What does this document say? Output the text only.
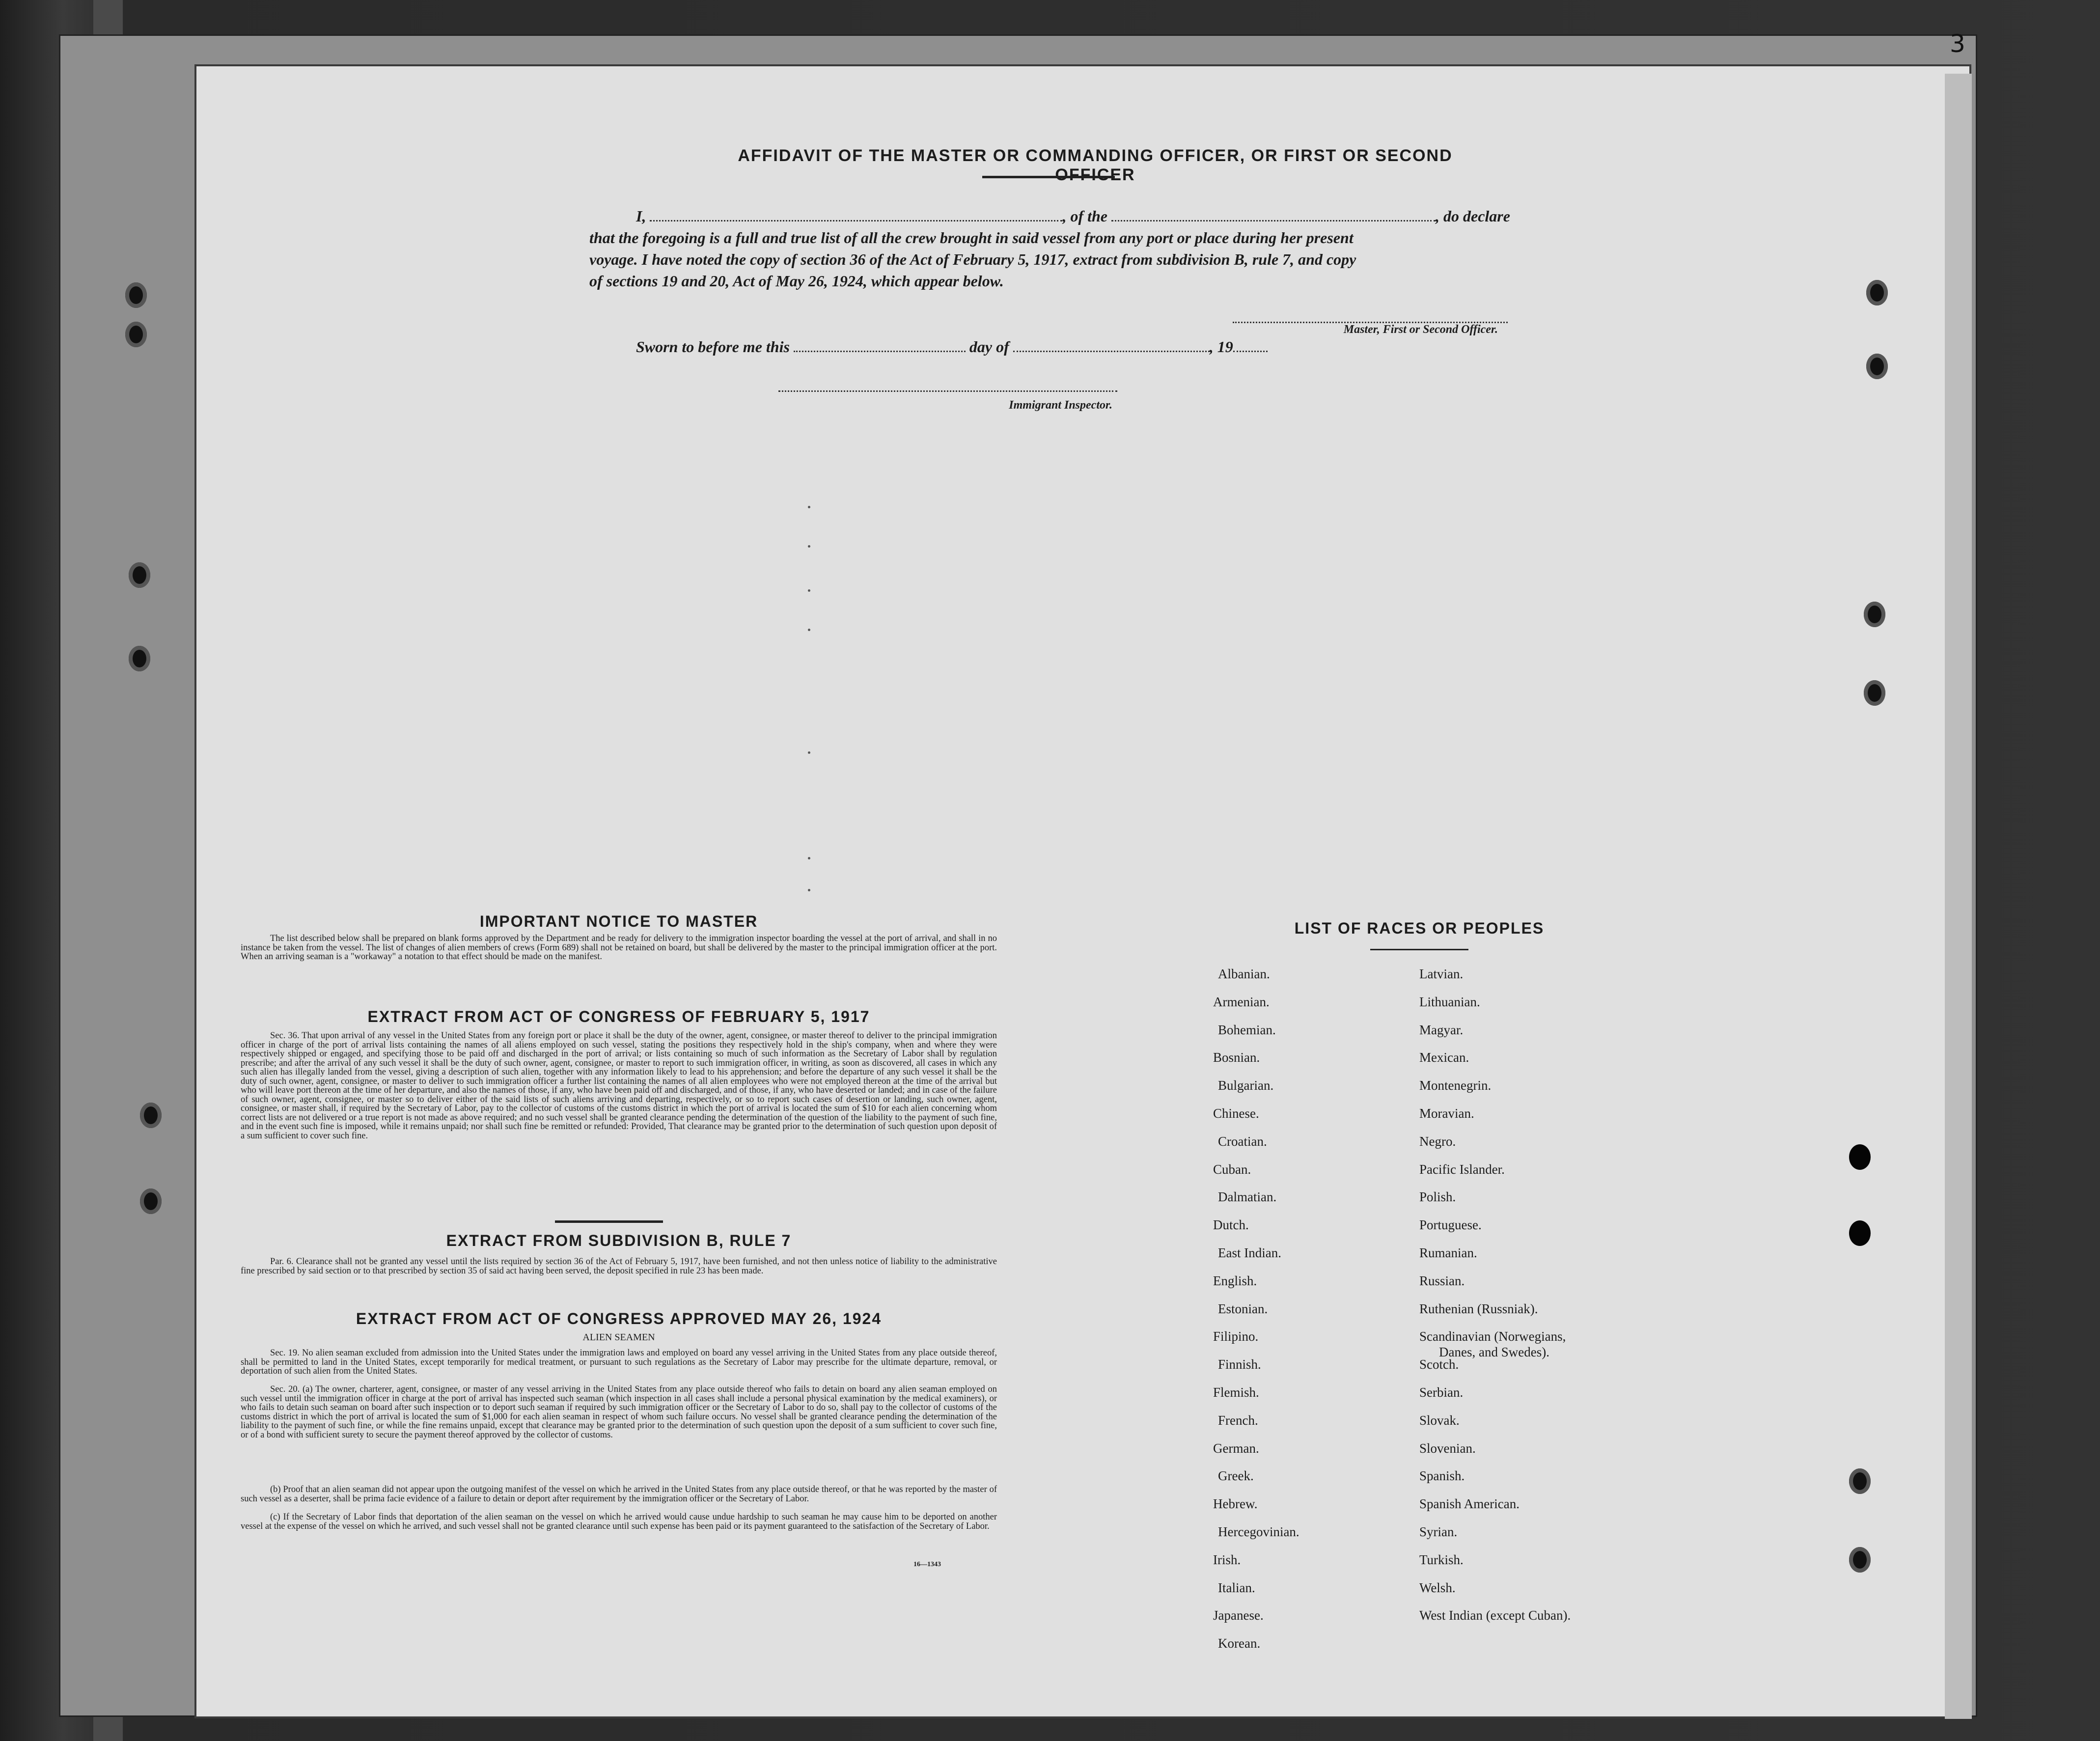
3
AFFIDAVIT OF THE MASTER OR COMMANDING OFFICER, OR FIRST OR SECOND OFFICER
I,	, of the	, do declare
that the foregoing is a full and true list of all the crew brought in said vessel from any port or place during her present
voyage. I have noted the copy of section 36 of the Act of February 5, 1917, extract from subdivision B, rule 7, and copy
of sections 19 and 20, Act of May 26, 1924, which appear below.
Master, First or Second Officer.
Sworn to before me this	day of	, 19
Immigrant Inspector.
IMPORTANT NOTICE TO MASTER
The list described below shall be prepared on blank forms approved by the Department and be ready for delivery to the immigration inspector boarding the vessel at the port of arrival, and shall in no instance be taken from the vessel. The list of changes of alien members of crews (Form 689) shall not be retained on board, but shall be delivered by the master to the principal immigration officer at the port. When an arriving seaman is a "workaway" a notation to that effect should be made on the manifest.
EXTRACT FROM ACT OF CONGRESS OF FEBRUARY 5, 1917
Sec. 36. That upon arrival of any vessel in the United States from any foreign port or place it shall be the duty of the owner, agent, consignee, or master thereof to deliver to the principal immigration officer in charge of the port of arrival lists containing the names of all aliens employed on such vessel, stating the positions they respectively hold in the ship's company, when and where they were respectively shipped or engaged, and specifying those to be paid off and discharged in the port of arrival; or lists containing so much of such information as the Secretary of Labor shall by regulation prescribe; and after the arrival of any such vessel it shall be the duty of such owner, agent, consignee, or master to report to such immigration officer, in writing, as soon as discovered, all cases in which any such alien has illegally landed from the vessel, giving a description of such alien, together with any information likely to lead to his apprehension; and before the departure of any such vessel it shall be the duty of such owner, agent, consignee, or master to deliver to such immigration officer a further list containing the names of all alien employees who were not employed thereon at the time of the arrival but who will leave port thereon at the time of her departure, and also the names of those, if any, who have been paid off and discharged, and of those, if any, who have deserted or landed; and in case of the failure of such owner, agent, consignee, or master so to deliver either of the said lists of such aliens arriving and departing, respectively, or so to report such cases of desertion or landing, such owner, agent, consignee, or master shall, if required by the Secretary of Labor, pay to the collector of customs of the customs district in which the port of arrival is located the sum of $10 for each alien concerning whom correct lists are not delivered or a true report is not made as above required; and no such vessel shall be granted clearance pending the determination of the question of the liability to the payment of such fine, and in the event such fine is imposed, while it remains unpaid; nor shall such fine be remitted or refunded: Provided, That clearance may be granted prior to the determination of such question upon deposit of a sum sufficient to cover such fine.
EXTRACT FROM SUBDIVISION B, RULE 7
Par. 6. Clearance shall not be granted any vessel until the lists required by section 36 of the Act of February 5, 1917, have been furnished, and not then unless notice of liability to the administrative fine prescribed by said section or to that prescribed by section 35 of said act having been served, the deposit specified in rule 23 has been made.
EXTRACT FROM ACT OF CONGRESS APPROVED MAY 26, 1924
ALIEN SEAMEN
Sec. 19. No alien seaman excluded from admission into the United States under the immigration laws and employed on board any vessel arriving in the United States from any place outside thereof, shall be permitted to land in the United States, except temporarily for medical treatment, or pursuant to such regulations as the Secretary of Labor may prescribe for the ultimate departure, removal, or deportation of such alien from the United States.
Sec. 20. (a) The owner, charterer, agent, consignee, or master of any vessel arriving in the United States from any place outside thereof who fails to detain on board any alien seaman employed on such vessel until the immigration officer in charge at the port of arrival has inspected such seaman (which inspection in all cases shall include a personal physical examination by the medical examiners), or who fails to detain such seaman on board after such inspection or to deport such seaman if required by such immigration officer or the Secretary of Labor to do so, shall pay to the collector of customs of the customs district in which the port of arrival is located the sum of $1,000 for each alien seaman in respect of whom such failure occurs. No vessel shall be granted clearance pending the determination of the liability to the payment of such fine, or while the fine remains unpaid, except that clearance may be granted prior to the determination of such question upon the deposit of a sum sufficient to cover such fine, or of a bond with sufficient surety to secure the payment thereof approved by the collector of customs.
(b) Proof that an alien seaman did not appear upon the outgoing manifest of the vessel on which he arrived in the United States from any place outside thereof, or that he was reported by the master of such vessel as a deserter, shall be prima facie evidence of a failure to detain or deport after requirement by the immigration officer or the Secretary of Labor.
(c) If the Secretary of Labor finds that deportation of the alien seaman on the vessel on which he arrived would cause undue hardship to such seaman he may cause him to be deported on another vessel at the expense of the vessel on which he arrived, and such vessel shall not be granted clearance until such expense has been paid or its payment guaranteed to the satisfaction of the Secretary of Labor.
16—1343
LIST OF RACES OR PEOPLES
Albanian.
Armenian.
Bohemian.
Bosnian.
Bulgarian.
Chinese.
Croatian.
Cuban.
Dalmatian.
Dutch.
East Indian.
English.
Estonian.
Filipino.
Finnish.
Flemish.
French.
German.
Greek.
Hebrew.
Hercegovinian.
Irish.
Italian.
Japanese.
Korean.
Latvian.
Lithuanian.
Magyar.
Mexican.
Montenegrin.
Moravian.
Negro.
Pacific Islander.
Polish.
Portuguese.
Rumanian.
Russian.
Ruthenian (Russniak).
Scandinavian (Norwegians,
Danes, and Swedes).
Scotch.
Serbian.
Slovak.
Slovenian.
Spanish.
Spanish American.
Syrian.
Turkish.
Welsh.
West Indian (except Cuban).
